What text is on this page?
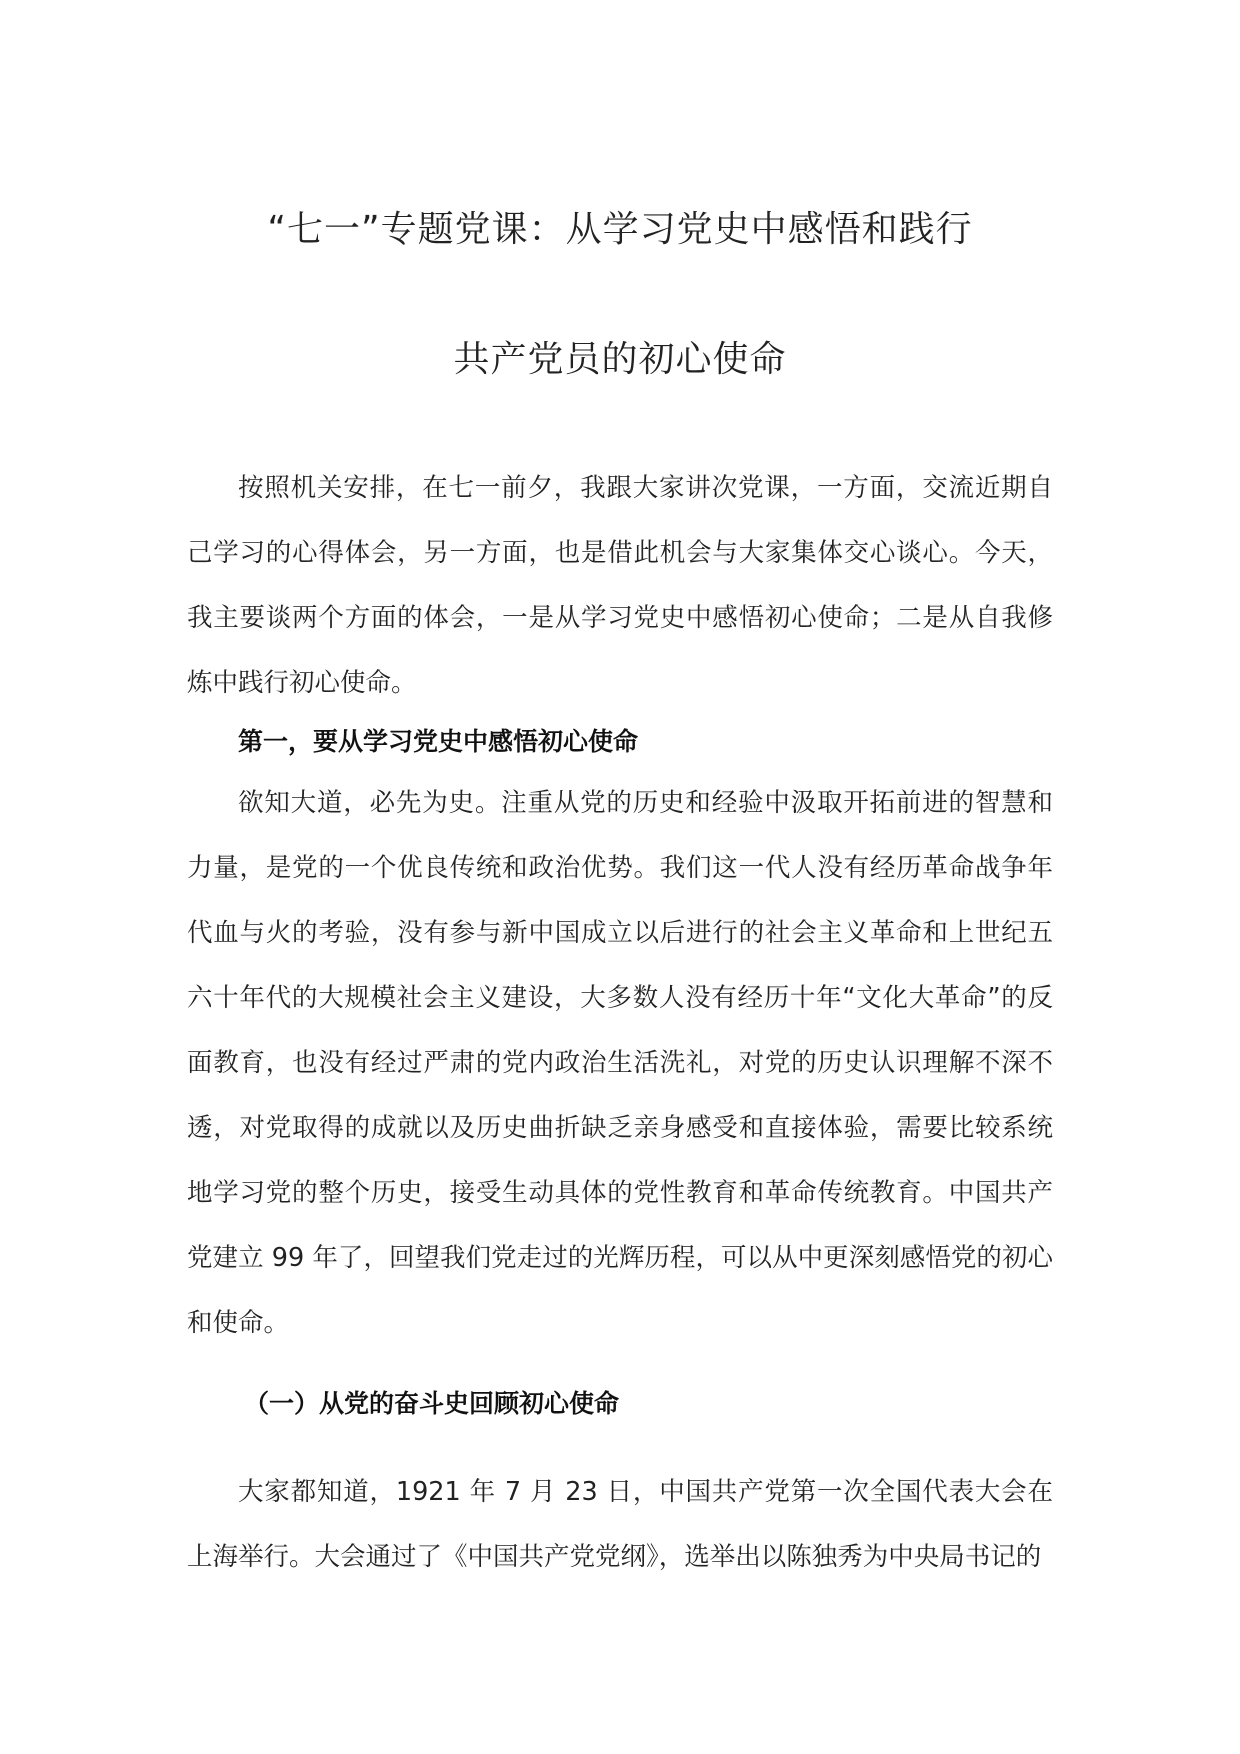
“七一”专题党课：从学习党史中感悟和践行
共产党员的初心使命

按照机关安排，在七一前夕，我跟大家讲次党课，一方面，交流近期自己学习的心得体会，另一方面，也是借此机会与大家集体交心谈心。今天，我主要谈两个方面的体会，一是从学习党史中感悟初心使命；二是从自我修炼中践行初心使命。

第一，要从学习党史中感悟初心使命

欲知大道，必先为史。注重从党的历史和经验中汲取开拓前进的智慧和力量，是党的一个优良传统和政治优势。我们这一代人没有经历革命战争年代血与火的考验，没有参与新中国成立以后进行的社会主义革命和上世纪五六十年代的大规模社会主义建设，大多数人没有经历十年“文化大革命”的反面教育，也没有经过严肃的党内政治生活洗礼，对党的历史认识理解不深不透，对党取得的成就以及历史曲折缺乏亲身感受和直接体验，需要比较系统地学习党的整个历史，接受生动具体的党性教育和革命传统教育。中国共产党建立 99 年了，回望我们党走过的光辉历程，可以从中更深刻感悟党的初心和使命。

（一）从党的奋斗史回顾初心使命

大家都知道，1921 年 7 月 23 日，中国共产党第一次全国代表大会在上海举行。大会通过了《中国共产党党纲》，选举出以陈独秀为中央局书记的
